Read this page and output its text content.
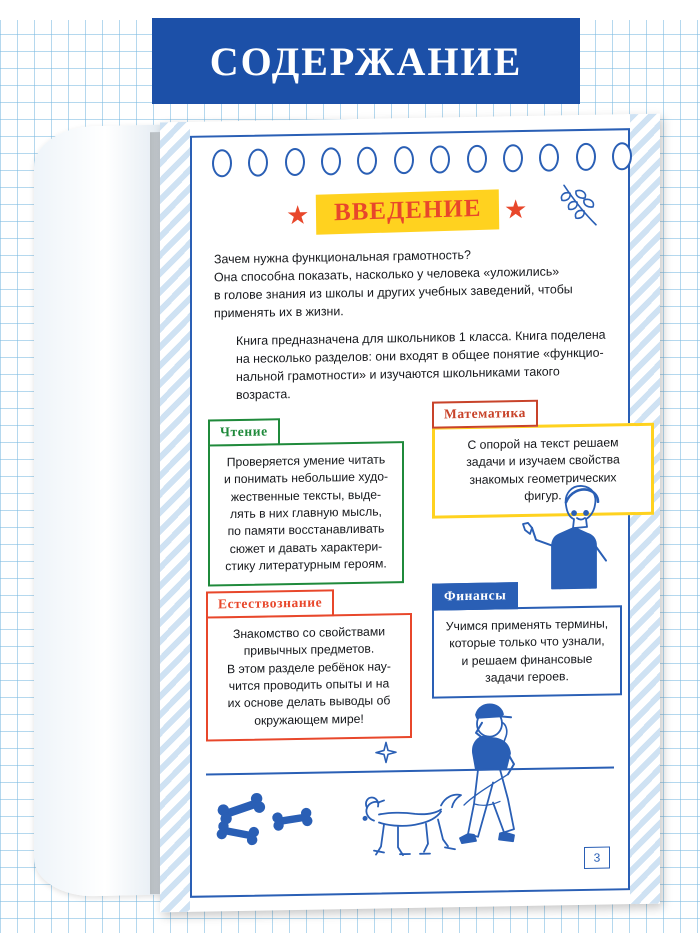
СОДЕРЖАНИЕ
★ ВВЕДЕНИЕ ★

Зачем нужна функциональная грамотность?
Она способна показать, насколько у человека «уложились»
в голове знания из школы и других учебных заведений, чтобы
применять их в жизни.

Книга предназначена для школьников 1 класса. Книга поделена
на несколько разделов: они входят в общее понятие «функцио-
нальной грамотности» и изучаются школьниками такого возраста.

Чтение
Проверяется умение читать
и понимать небольшие худо-
жественные тексты, выде-
лять в них главную мысль,
по памяти восстанавливать
сюжет и давать характери-
стику литературным героям.
Математика
С опорой на текст решаем
задачи и изучаем свойства
знакомых геометрических
фигур.
Естествознание
Знакомство со свойствами
привычных предметов.
В этом разделе ребёнок нау-
чится проводить опыты и на
их основе делать выводы об
окружающем мире!
Финансы
Учимся применять термины,
которые только что узнали,
и решаем финансовые
задачи героев.
3
